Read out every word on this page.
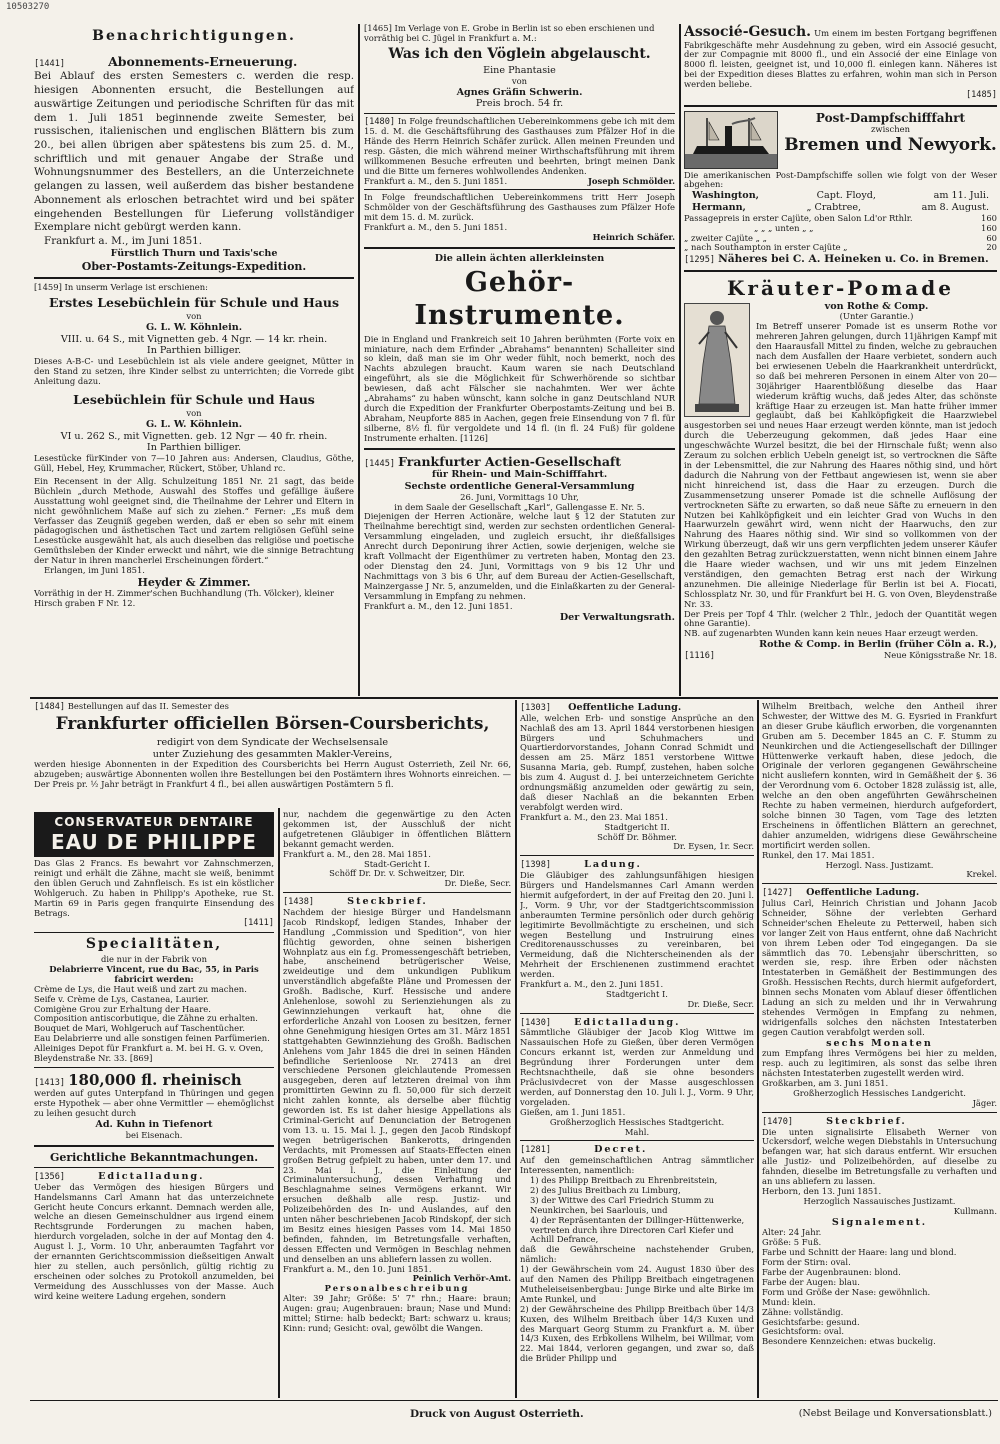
10503270
Benachrichtigungen.
[1441]	Abonnements-Erneuerung.
Bei Ablauf des ersten Semesters c. werden die resp. hiesigen Abonnenten ersucht, die Bestellungen auf auswärtige Zeitungen und periodische Schriften für das mit dem 1. Juli 1851 beginnende zweite Semester, bei russischen, italienischen und englischen Blättern bis zum 20., bei allen übrigen aber spätestens bis zum 25. d. M., schriftlich und mit genauer Angabe der Straße und Wohnungsnummer des Bestellers, an die Unterzeichnete gelangen zu lassen, weil außerdem das bisher bestandene Abonnement als erloschen betrachtet wird und bei später eingehenden Bestellungen für Lieferung vollständiger Exemplare nicht gebürgt werden kann.
Frankfurt a. M., im Juni 1851.
Fürstlich Thurn und Taxis'sche
Ober-Postamts-Zeitungs-Expedition.
[1459] In unserm Verlage ist erschienen:
Erstes Lesebüchlein für Schule und Haus
von
G. L. W. Köhnlein.
VIII. u. 64 S., mit Vignetten geb. 4 Ngr. — 14 kr. rhein.
In Parthien billiger.
Dieses A-B-C- und Lesebüchlein ist als viele andere geeignet, Mütter in den Stand zu setzen, ihre Kinder selbst zu unterrichten; die Vorrede gibt Anleitung dazu.
Lesebüchlein für Schule und Haus
von
G. L. W. Köhnlein.
VI u. 262 S., mit Vignetten. geb. 12 Ngr — 40 fr. rhein.
In Parthien billiger.
Lesestücke fürKinder von 7—10 Jahren aus: Andersen, Claudius, Göthe, Güll, Hebel, Hey, Krummacher, Rückert, Stöber, Uhland rc.
Ein Recensent in der Allg. Schulzeitung 1851 Nr. 21 sagt, das beide Büchlein „durch Methode, Auswahl des Stoffes und gefällige äußere Ausstattung wohl geeignet sind, die Theilnahme der Lehrer und Eltern in nicht gewöhnlichem Maße auf sich zu ziehen.“ Ferner: „Es muß dem Verfasser das Zeugniß gegeben werden, daß er eben so sehr mit einem pädagogischen und ästhetischen Tact und zartem religiösen Gefühl seine Lesestücke ausgewählt hat, als auch dieselben das religiöse und poetische Gemüthsleben der Kinder erweckt und nährt, wie die sinnige Betrachtung der Natur in ihren mancherlei Erscheinungen fördert.“
Erlangen, im Juni 1851.
Heyder & Zimmer.
Vorräthig in der H. Zimmer'schen Buchhandlung (Th. Völcker), kleiner Hirsch graben F Nr. 12.
[1465] Im Verlage von E. Grobe in Berlin ist so eben erschienen und vorräthig bei C. Jügel in Frankfurt a. M.:
Was ich den Vöglein abgelauscht.
Eine Phantasie
von
Agnes Gräfin Schwerin.
Preis broch. 54 fr.
[1480] In Folge freundschaftlichen Uebereinkommens gebe ich mit dem 15. d. M. die Geschäftsführung des Gasthauses zum Pfälzer Hof in die Hände des Herrn Heinrich Schäfer zurück. Allen meinen Freunden und resp. Gästen, die mich während meiner Wirthschaftsführung mit ihrem willkommenen Besuche erfreuten und beehrten, bringt meinen Dank und die Bitte um ferneres wohlwollendes Andenken.
Frankfurt a. M., den 5. Juni 1851.	Joseph Schmölder.
In Folge freundschaftlichen Uebereinkommens tritt Herr Joseph Schmölder von der Geschäftsführung des Gasthauses zum Pfälzer Hofe mit dem 15. d. M. zurück.
Frankfurt a. M., den 5. Juni 1851.
Heinrich Schäfer.
Die allein ächten allerkleinsten
Gehör-Instrumente.
Die in England und Frankreich seit 10 Jahren berühmten (Forte voix en miniature, nach dem Erfinder „Abrahams“ benannten) Schalleiter sind so klein, daß man sie im Ohr weder fühlt, noch bemerkt, noch des Nachts abzulegen braucht. Kaum waren sie nach Deutschland eingeführt, als sie die Möglichkeit für Schwerhörende so sichtbar bewiesen, daß acht Fälscher sie nachahmten. Wer wer ächte „Abrahams“ zu haben wünscht, kann solche in ganz Deutschland NUR durch die Expedition der Frankfurter Oberpostamts-Zeitung und bei B. Abraham, Neupforte 885 in Aachen, gegen freie Einsendung von 7 fl. für silberne, 8½ fl. für vergoldete und 14 fl. (in fl. 24 Fuß) für goldene Instrumente erhalten. [1126]
[1445] Frankfurter Actien-Gesellschaft
für Rhein- und Main-Schifffahrt.
Sechste ordentliche General-Versammlung
26. Juni, Vormittags 10 Uhr,
in dem Saale der Gesellschaft „Karl“, Gallengasse E. Nr. 5.
Diejenigen der Herren Actionäre, welche laut § 12 der Statuten zur Theilnahme berechtigt sind, werden zur sechsten ordentlichen General-Versammlung eingeladen, und zugleich ersucht, ihr dießfallsiges Anrecht durch Deponirung ihrer Actien, sowie derjenigen, welche sie kraft Vollmacht der Eigenthümer zu vertreten haben, Montag den 23. oder Dienstag den 24. Juni, Vormittags von 9 bis 12 Uhr und Nachmittags von 3 bis 6 Uhr, auf dem Bureau der Actien-Gesellschaft, Mainzergasse J Nr. 5, anzumelden, und die Einlaßkarten zu der General-Versammlung in Empfang zu nehmen.
Frankfurt a. M., den 12. Juni 1851.
Der Verwaltungsrath.
Associé-Gesuch. Um einem im besten Fortgang begriffenen Fabrikgeschäfte mehr Ausdehnung zu geben, wird ein Associé gesucht, der zur Compagnie mit 8000 fl., und ein Associé der eine Einlage von 8000 fl. leisten, geeignet ist, und 10,000 fl. einlegen kann. Näheres ist bei der Expedition dieses Blattes zu erfahren, wohin man sich in Person werden beliebe.
[1485]
Post-Dampfschifffahrt
zwischen
Bremen und Newyork.
Die amerikanischen Post-Dampfschiffe sollen wie folgt von der Weser abgehen:
Washington,	Capt. Floyd,	am 11. Juli.
Hermann,	„ Crabtree,	am 8. August.
Passagepreis in erster Cajüte, oben Salon Ld'or Rthlr.	160
„ „ „ unten „ „	160
„ zweiter Cajüte „ „	60
„ nach Southampton in erster Cajüte „	20
[1295] Näheres bei C. A. Heineken u. Co. in Bremen.
Kräuter-Pomade
von Rothe & Comp.
(Unter Garantie.)
Im Betreff unserer Pomade ist es unserm Rothe vor mehreren Jahren gelungen, durch 11jährigen Kampf mit den Haarausfall Mittel zu finden, welche zu gebrauchen nach dem Ausfallen der Haare verbietet, sondern auch bei erwiesenen Uebeln die Haarkrankheit unterdrückt, so daß bei mehreren Personen in einem Alter von 20—30jähriger Haarentblößung dieselbe das Haar wiederum kräftig wuchs, daß jedes Alter, das schönste kräftige Haar zu erzeugen ist. Man hatte früher immer geglaubt, daß bei Kahlköpfigkeit die Haarzwiebel ausgestorben sei und neues Haar erzeugt werden könnte, man ist jedoch durch die Ueberzeugung gekommen, daß jedes Haar eine ungeschwächte Wurzel besitzt, die bei der Hirnschale fußt; wenn also Zeraum zu solchen erblich Uebeln geneigt ist, so vertrocknen die Säfte in der Lebensmittel, die zur Nahrung des Haares nöthig sind, und hört dadurch die Nahrung von der Fettbaut angewiesen ist, wenn sie aber nicht hinreichend ist, dass die Haar zu erzeugen. Durch die Zusammensetzung unserer Pomade ist die schnelle Auflösung der vertrockneten Säfte zu erwarten, so daß neue Säfte zu erneuern in den Nutzen bei Kahlköpfigkeit und ein leichter Grad von Wuchs in den Haarwurzeln gewährt wird, wenn nicht der Haarwuchs, den zur Nahrung des Haares nöthig sind. Wir sind so vollkommen von der Wirkung überzeugt, daß wir uns gern verpflichten jedem unserer Käufer den gezahlten Betrag zurückzuerstatten, wenn nicht binnen einem Jahre die Haare wieder wachsen, und wir uns mit jedem Einzelnen verständigen, den gemachten Betrag erst nach der Wirkung anzunehmen. Die alleinige Niederlage für Berlin ist bei A. Fiocati, Schlossplatz Nr. 30, und für Frankfurt bei H. G. von Oven, Bleydenstraße Nr. 33.
Der Preis per Topf 4 Thlr. (welcher 2 Thlr., jedoch der Quantität wegen ohne Garantie).
NB. auf zugenarbten Wunden kann kein neues Haar erzeugt werden.
Rothe & Comp. in Berlin (früher Cöln a. R.),
[1116]	Neue Königsstraße Nr. 18.
[1484] Bestellungen auf das II. Semester des
Frankfurter officiellen Börsen-Coursberichts,
redigirt von dem Syndicate der Wechselsensale
unter Zuziehung des gesammten Makler-Vereins,
werden hiesige Abonnenten in der Expedition des Coursberichts bei Herrn August Osterrieth, Zeil Nr. 66, abzugeben; auswärtige Abonnenten wollen ihre Bestellungen bei den Postämtern ihres Wohnorts einreichen. — Der Preis pr. ½ Jahr beträgt in Frankfurt 4 fl., bei allen auswärtigen Postämtern 5 fl.
CONSERVATEUR DENTAIRE
EAU DE PHILIPPE
Das Glas 2 Francs. Es bewahrt vor Zahnschmerzen, reinigt und erhält die Zähne, macht sie weiß, benimmt den üblen Geruch und Zahnfleisch. Es ist ein köstlicher Wohlgeruch. Zu haben in Philipp's Apotheke, rue St. Martin 69 in Paris gegen franquirte Einsendung des Betrags.
[1411]
Specialitäten,
die nur in der Fabrik von
Delabrierre Vincent, rue du Bac, 55, in Paris fabricirt werden:
Crème de Lys, die Haut weiß und zart zu machen.
Seife v. Crème de Lys, Castanea, Laurier.
Comigène Grou zur Erhaltung der Haare.
Composition antiscorbutique, die Zähne zu erhalten.
Bouquet de Mari, Wohlgeruch auf Taschentücher.
Eau Delabrierre und alle sonstigen feinen Parfümerien. Alleiniges Depot für Frankfurt a. M. bei H. G. v. Oven, Bleydenstraße Nr. 33. [869]
[1413] 180,000 fl. rheinisch
werden auf gutes Unterpfand in Thüringen und gegen erste Hypothek — aber ohne Vermittler — ehemöglichst zu leihen gesucht durch
Ad. Kuhn in Tiefenort
bei Eisenach.
Gerichtliche Bekanntmachungen.
[1356]	Edictalladung.
Ueber das Vermögen des hiesigen Bürgers und Handelsmanns Carl Amann hat das unterzeichnete Gericht heute Concurs erkannt. Demnach werden alle, welche an diesen Gemeinschuldner aus irgend einem Rechtsgrunde Forderungen zu machen haben, hierdurch vorgeladen, solche in der auf Montag den 4. August l. J., Vorm. 10 Uhr, anberaumten Tagfahrt vor der ernannten Gerichtscommission dießseitigen Anwalt hier zu stellen, auch persönlich, gültig richtig zu erscheinen oder solches zu Protokoll anzumelden, bei Vermeidung des Ausschlusses von der Masse. Auch wird keine weitere Ladung ergehen, sondern
nur, nachdem die gegenwärtige zu den Acten gekommen ist, der Ausschluß der nicht aufgetretenen Gläubiger in öffentlichen Blättern bekannt gemacht werden.
Frankfurt a. M., den 28. Mai 1851.
Stadt-Gericht I.
Schöff Dr. Dr. v. Schweitzer, Dir.
Dr. Dieße, Secr.
[1438]	Steckbrief.
Nachdem der hiesige Bürger und Handelsmann Jacob Rindskopf, ledigen Standes, Inhaber der Handlung „Commission und Spedition“, von hier flüchtig geworden, ohne seinen bisherigen Wohnplatz aus ein f.g. Promessengeschäft betrieben, habe, anscheinend betrügerischer Weise, zweideutige und dem unkundigen Publikum unverständlich abgefaßte Pläne und Promessen der Großh. Badische, Kurf. Hessische und andere Anlehenlose, sowohl zu Serienziehungen als zu Gewinnziehungen verkauft hat, ohne die erforderliche Anzahl von Loosen zu besitzen, ferner ohne Genehmigung hiesigen Ortes am 31. März 1851 stattgehabten Gewinnziehung des Großh. Badischen Anlehens vom Jahr 1845 die drei in seinen Händen befindliche Serienloose Nr. 27413 an drei verschiedene Personen gleichlautende Promessen ausgegeben, deren auf letzteren dreimal von ihm promittirten Gewinn zu fl. 50,000 für sich derzeit nicht zahlen konnte, als derselbe aber flüchtig geworden ist. Es ist daher hiesige Appellations als Criminal-Gericht auf Denunciation der Betrogenen vom 13. u. 15. Mai l. J., gegen den Jacob Rindskopf wegen betrügerischen Bankerotts, dringenden Verdachts, mit Promessen auf Staats-Effecten einen großen Betrug gefpielt zu haben, unter dem 17. und 23. Mai l. J., die Einleitung der Criminaluntersuchung, dessen Verhaftung und Beschlagnahme seines Vermögens erkannt. Wir ersuchen deßhalb alle resp. Justiz- und Polizeibehörden des In- und Auslandes, auf den unten näher beschriebenen Jacob Rindskopf, der sich im Besitz eines hiesigen Passes vom 14. Mai 1850 befinden, fahnden, im Betretungsfalle verhaften, dessen Effecten und Vermögen in Beschlag nehmen und denselben an uns abliefern lassen zu wollen.
Frankfurt a. M., den 10. Juni 1851.
Peinlich Verhör-Amt.
Personalbeschreibung
Alter: 39 Jahr; Größe: 5' 7" rhn.; Haare: braun; Augen: grau; Augenbrauen: braun; Nase und Mund: mittel; Stirne: halb bedeckt; Bart: schwarz u. kraus; Kinn: rund; Gesicht: oval, gewölbt die Wangen.
[1303] Oeffentliche Ladung.
Alle, welchen Erb- und sonstige Ansprüche an den Nachlaß des am 13. April 1844 verstorbenen hiesigen Bürgers und Schuhmachers und Quartierdorvorstandes, Johann Conrad Schmidt und dessen am 25. März 1851 verstorbene Wittwe Susanna Maria, geb. Rumpf, zustehen, haben solche bis zum 4. August d. J. bei unterzeichnetem Gerichte ordnungsmäßig anzumelden oder gewärtig zu sein, daß dieser Nachlaß an die bekannten Erben verabfolgt werden wird.
Frankfurt a. M., den 23. Mai 1851.
Stadtgericht II.
Schöff Dr. Böhmer.
Dr. Eysen, 1r. Secr.
[1398]	Ladung.
Die Gläubiger des zahlungsunfähigen hiesigen Bürgers und Handelsmannes Carl Amann werden hiermit aufgefordert, in der auf Freitag den 20. Juni l. J., Vorm. 9 Uhr, vor der Stadtgerichtscommission anberaumten Termine persönlich oder durch gehörig legitimirte Bevollmächtigte zu erscheinen, und sich wegen Bestellung und Instruirung eines Creditorenausschusses zu vereinbaren, bei Vermeidung, daß die Nichterscheinenden als der Mehrheit der Erschienenen zustimmend erachtet werden.
Frankfurt a. M., den 2. Juni 1851.
Stadtgericht I.
Dr. Dieße, Secr.
[1430] Edictalladung.
Sämmtliche Gläubiger der Jacob Klog Wittwe im Nassauischen Hofe zu Gießen, über deren Vermögen Concurs erkannt ist, werden zur Anmeldung und Begründung ihrer Forderungen unter dem Rechtsnachtheile, daß sie ohne besonders Präclusivdecret von der Masse ausgeschlossen werden, auf Donnerstag den 10. Juli l. J., Vorm. 9 Uhr, vorgeladen.
Gießen, am 1. Juni 1851.
Großherzoglich Hessisches Stadtgericht.
Mahl.
[1281]	Decret.
Auf den gemeinschaftlichen Antrag sämmtlicher Interessenten, namentlich:
1) des Philipp Breitbach zu Ehrenbreitstein,
2) des Julius Breitbach zu Limburg,
3) der Wittwe des Carl Friedrich Stumm zu Neunkirchen, bei Saarlouis, und
4) der Repräsentanten der Dillinger-Hüttenwerke, vertreten durch ihre Directoren Carl Kiefer und Achill Defrance,
daß die Gewährscheine nachstehender Gruben, nämlich:
1) der Gewährschein vom 24. August 1830 über des auf den Namen des Philipp Breitbach eingetragenen Mutheleiseisenbergbau: Junge Birke und alte Birke im Amte Runkel, und
2) der Gewährscheine des Philipp Breitbach über 14/3 Kuxen, des Wilhelm Breitbach über 14/3 Kuxen und des Marquart Georg Stumm zu Frankfurt a. M. über 14/3 Kuxen, des Erbkollens Wilhelm, bei Willmar, vom 22. Mai 1844, verloren gegangen, und zwar so, daß die Brüder Philipp und
Wilhelm Breitbach, welche den Antheil ihrer Schwester, der Wittwe des M. G. Eysried in Frankfurt an dieser Grube käuflich erworben, die vorgenannten Gruben am 5. December 1845 an C. F. Stumm zu Neunkirchen und die Actiengesellschaft der Dillinger Hüttenwerke verkauft haben, diese jedoch, die Originale der verloren gegangenen Gewährscheine nicht ausliefern konnten, wird in Gemäßheit der §. 36 der Verordnung vom 6. October 1828 zulässig ist, alle, welche an den oben angeführten Gewährscheinen Rechte zu haben vermeinen, hierdurch aufgefordert, solche binnen 30 Tagen, vom Tage des letzten Erscheinens in öffentlichen Blättern an gerechnet, dahier anzumelden, widrigens diese Gewährscheine mortificirt werden sollen.
Runkel, den 17. Mai 1851.
Herzogl. Nass. Justizamt.
Krekel.
[1427] Oeffentliche Ladung.
Julius Carl, Heinrich Christian und Johann Jacob Schneider, Söhne der verlebten Gerhard Schneider'schen Eheleute zu Petterweil, haben sich vor langer Zeit von Haus entfernt, ohne daß Nachricht von ihrem Leben oder Tod eingegangen. Da sie sämmtlich das 70. Lebensjahr überschritten, so werden sie, resp. ihre Erben oder nächsten Intestaterben in Gemäßheit der Bestimmungen des Großh. Hessischen Rechts, durch hiermit aufgefordert, binnen sechs Monaten vom Ablauf dieser öffentlichen Ladung an sich zu melden und ihr in Verwahrung stehendes Vermögen in Empfang zu nehmen, widrigenfalls solches den nächsten Intestaterben gegen Caution verabfolgt werden soll.
sechs Monaten
zum Empfang ihres Vermögens bei hier zu melden, resp. auch zu legitimiren, als sonst das selbe ihren nächsten Intestaterben zugestellt werden wird.
Großkarben, am 3. Juni 1851.
Großherzoglich Hessisches Landgericht.
Jäger.
[1470]	Steckbrief.
Die unten signalisirte Elisabeth Werner von Uckersdorf, welche wegen Diebstahls in Untersuchung befangen war, hat sich daraus entfernt. Wir ersuchen alle Justiz- und Polizeibehörden, auf dieselbe zu fahnden, dieselbe im Betretungsfalle zu verhaften und an uns abliefern zu lassen.
Herborn, den 13. Juni 1851.
Herzoglich Nassauisches Justizamt.
Kullmann.
Signalement.
Alter: 24 Jahr.
Größe: 5 Fuß.
Farbe und Schnitt der Haare: lang und blond.
Form der Stirn: oval.
Farbe der Augenbraunen: blond.
Farbe der Augen: blau.
Form und Größe der Nase: gewöhnlich.
Mund: klein.
Zähne: vollständig.
Gesichtsfarbe: gesund.
Gesichtsform: oval.
Besondere Kennzeichen: etwas buckelig.
Druck von August Osterrieth.	(Nebst Beilage und Konversationsblatt.)
